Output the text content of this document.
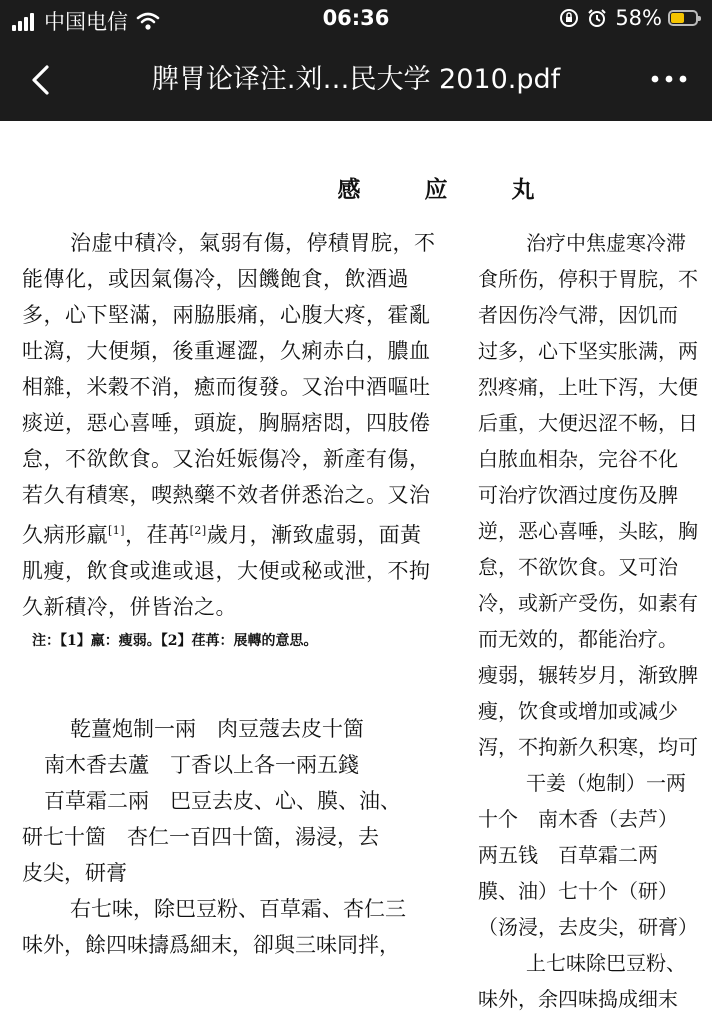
中国电信	06:36	58%
脾胃论译注.刘…民大学 2010.pdf
感 应 丸

治虚中積冷，氣弱有傷，停積胃脘，不能傳化，或因氣傷冷，因饑飽食，飲酒過多，心下堅滿，兩脇脹痛，心腹大疼，霍亂吐瀉，大便頻，後重遲澀，久痢赤白，膿血相雜，米穀不消，癒而復發。又治中酒嘔吐痰逆，惡心喜唾，頭旋，胸膈痞悶，四肢倦怠，不欲飲食。又治妊娠傷冷，新產有傷，若久有積寒，喫熱藥不效者併悉治之。又治久病形羸[1]，荏苒[2]歲月，漸致虛弱，面黃肌瘦，飲食或進或退，大便或秘或泄，不拘久新積冷，併皆治之。

注：【1】羸：瘦弱。【2】荏苒：展轉的意思。

乾薑炮制一兩　肉豆蔻去皮十箇

南木香去蘆　丁香以上各一兩五錢

百草霜二兩　巴豆去皮、心、膜、油、

研七十箇　杏仁一百四十箇，湯浸，去

皮尖，研膏

右七味，除巴豆粉、百草霜、杏仁三

味外，餘四味擣爲細末，卻與三味同拌，

治疗中焦虚寒冷滞

食所伤，停积于胃脘，不

者因伤冷气滞，因饥而

过多，心下坚实胀满，两

烈疼痛，上吐下泻，大便

后重，大便迟涩不畅，日

白脓血相杂，完谷不化

可治疗饮酒过度伤及脾

逆，恶心喜唾，头眩，胸

怠，不欲饮食。又可治

冷，或新产受伤，如素有

而无效的，都能治疗。

瘦弱，辗转岁月，渐致脾

瘦，饮食或增加或减少

泻，不拘新久积寒，均可

干姜（炮制）一两

十个　南木香（去芦）

两五钱　百草霜二两

膜、油）七十个（研）

（汤浸，去皮尖，研膏）

上七味除巴豆粉、

味外，余四味捣成细末
